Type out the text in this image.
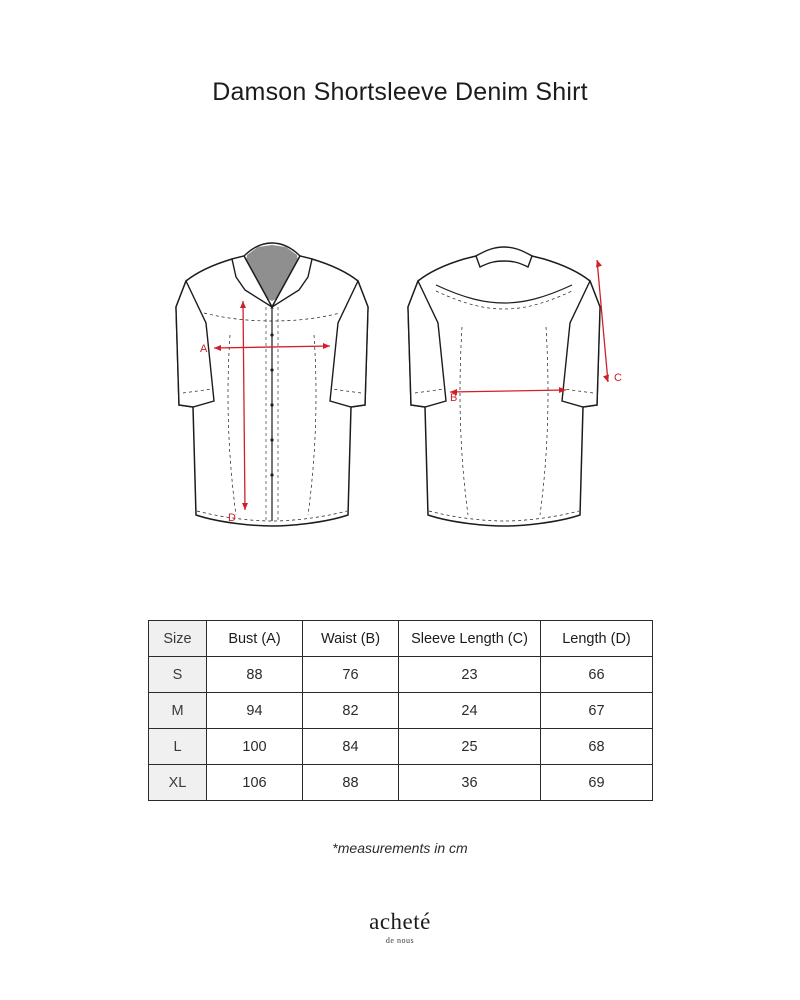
Damson Shortsleeve Denim Shirt
A
D
B
C
Size	Bust (A)	Waist (B)	Sleeve Length (C)	Length (D)
S	88	76	23	66
M	94	82	24	67
L	100	84	25	68
XL	106	88	36	69
*measurements in cm
acheté
de nous
